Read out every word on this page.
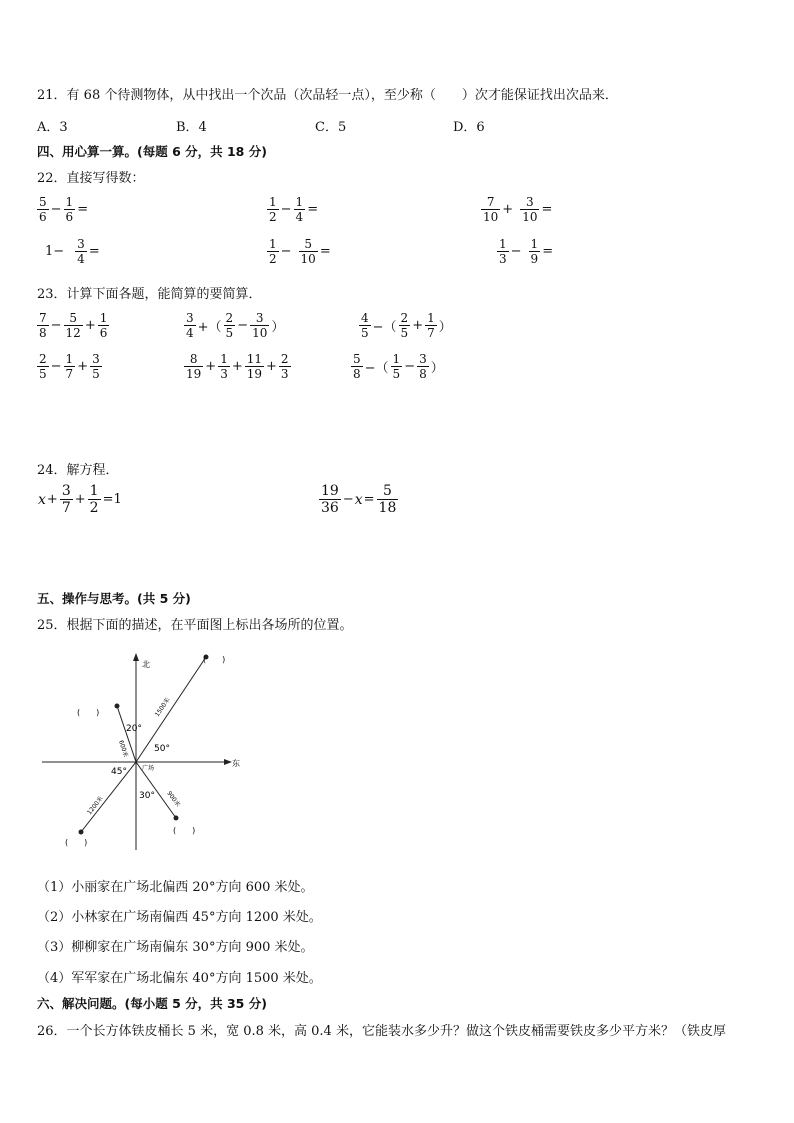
21．有 68 个待测物体，从中找出一个次品（次品轻一点），至少称（　　）次才能保证找出次品来．
A．3	B．4	C．5	D．6
四、用心算一算。(每题 6 分，共 18 分)
22．直接写得数：
$\frac{5}{6} - \frac{1}{6}$ =	$\frac{1}{2} - \frac{1}{4}$ =	$\frac{7}{10} + \frac{3}{10}$ =
$1- \frac{3}{4}$ =	$\frac{1}{2} - \frac{5}{10}$ =	$\frac{1}{3} - \frac{1}{9}$ =
23．计算下面各题，能简算的要简算．
$\frac{7}{8} - \frac{5}{12} + \frac{1}{6}$	$\frac{3}{4}$ +（ $\frac{2}{5} - \frac{3}{10}$ ）	$\frac{4}{5}$ −（ $\frac{2}{5} + \frac{1}{7}$ ）
$\frac{2}{5} - \frac{1}{7} + \frac{3}{5}$	$\frac{8}{19} + \frac{1}{3} + \frac{11}{19} + \frac{2}{3}$	$\frac{5}{8}$ −（ $\frac{1}{5} - \frac{3}{8}$ ）
24．解方程．
$x + \frac{3}{7} + \frac{1}{2} =1$	$\frac{19}{36} - x = \frac{5}{18}$
五、操作与思考。(共 5 分)
25．根据下面的描述，在平面图上标出各场所的位置。
北
东
20°
50°
45°
30°
广场
600米
1500米
1200米	900米
(　　)
(　　)
(　　)
(　　)
（1）小丽家在广场北偏西 20°方向 600 米处。
（2）小林家在广场南偏西 45°方向 1200 米处。
（3）柳柳家在广场南偏东 30°方向 900 米处。
（4）军军家在广场北偏东 40°方向 1500 米处。
六、解决问题。(每小题 5 分，共 35 分)
26．一个长方体铁皮桶长 5 米，宽 0.8 米，高 0.4 米，它能装水多少升？做这个铁皮桶需要铁皮多少平方米？（铁皮厚
